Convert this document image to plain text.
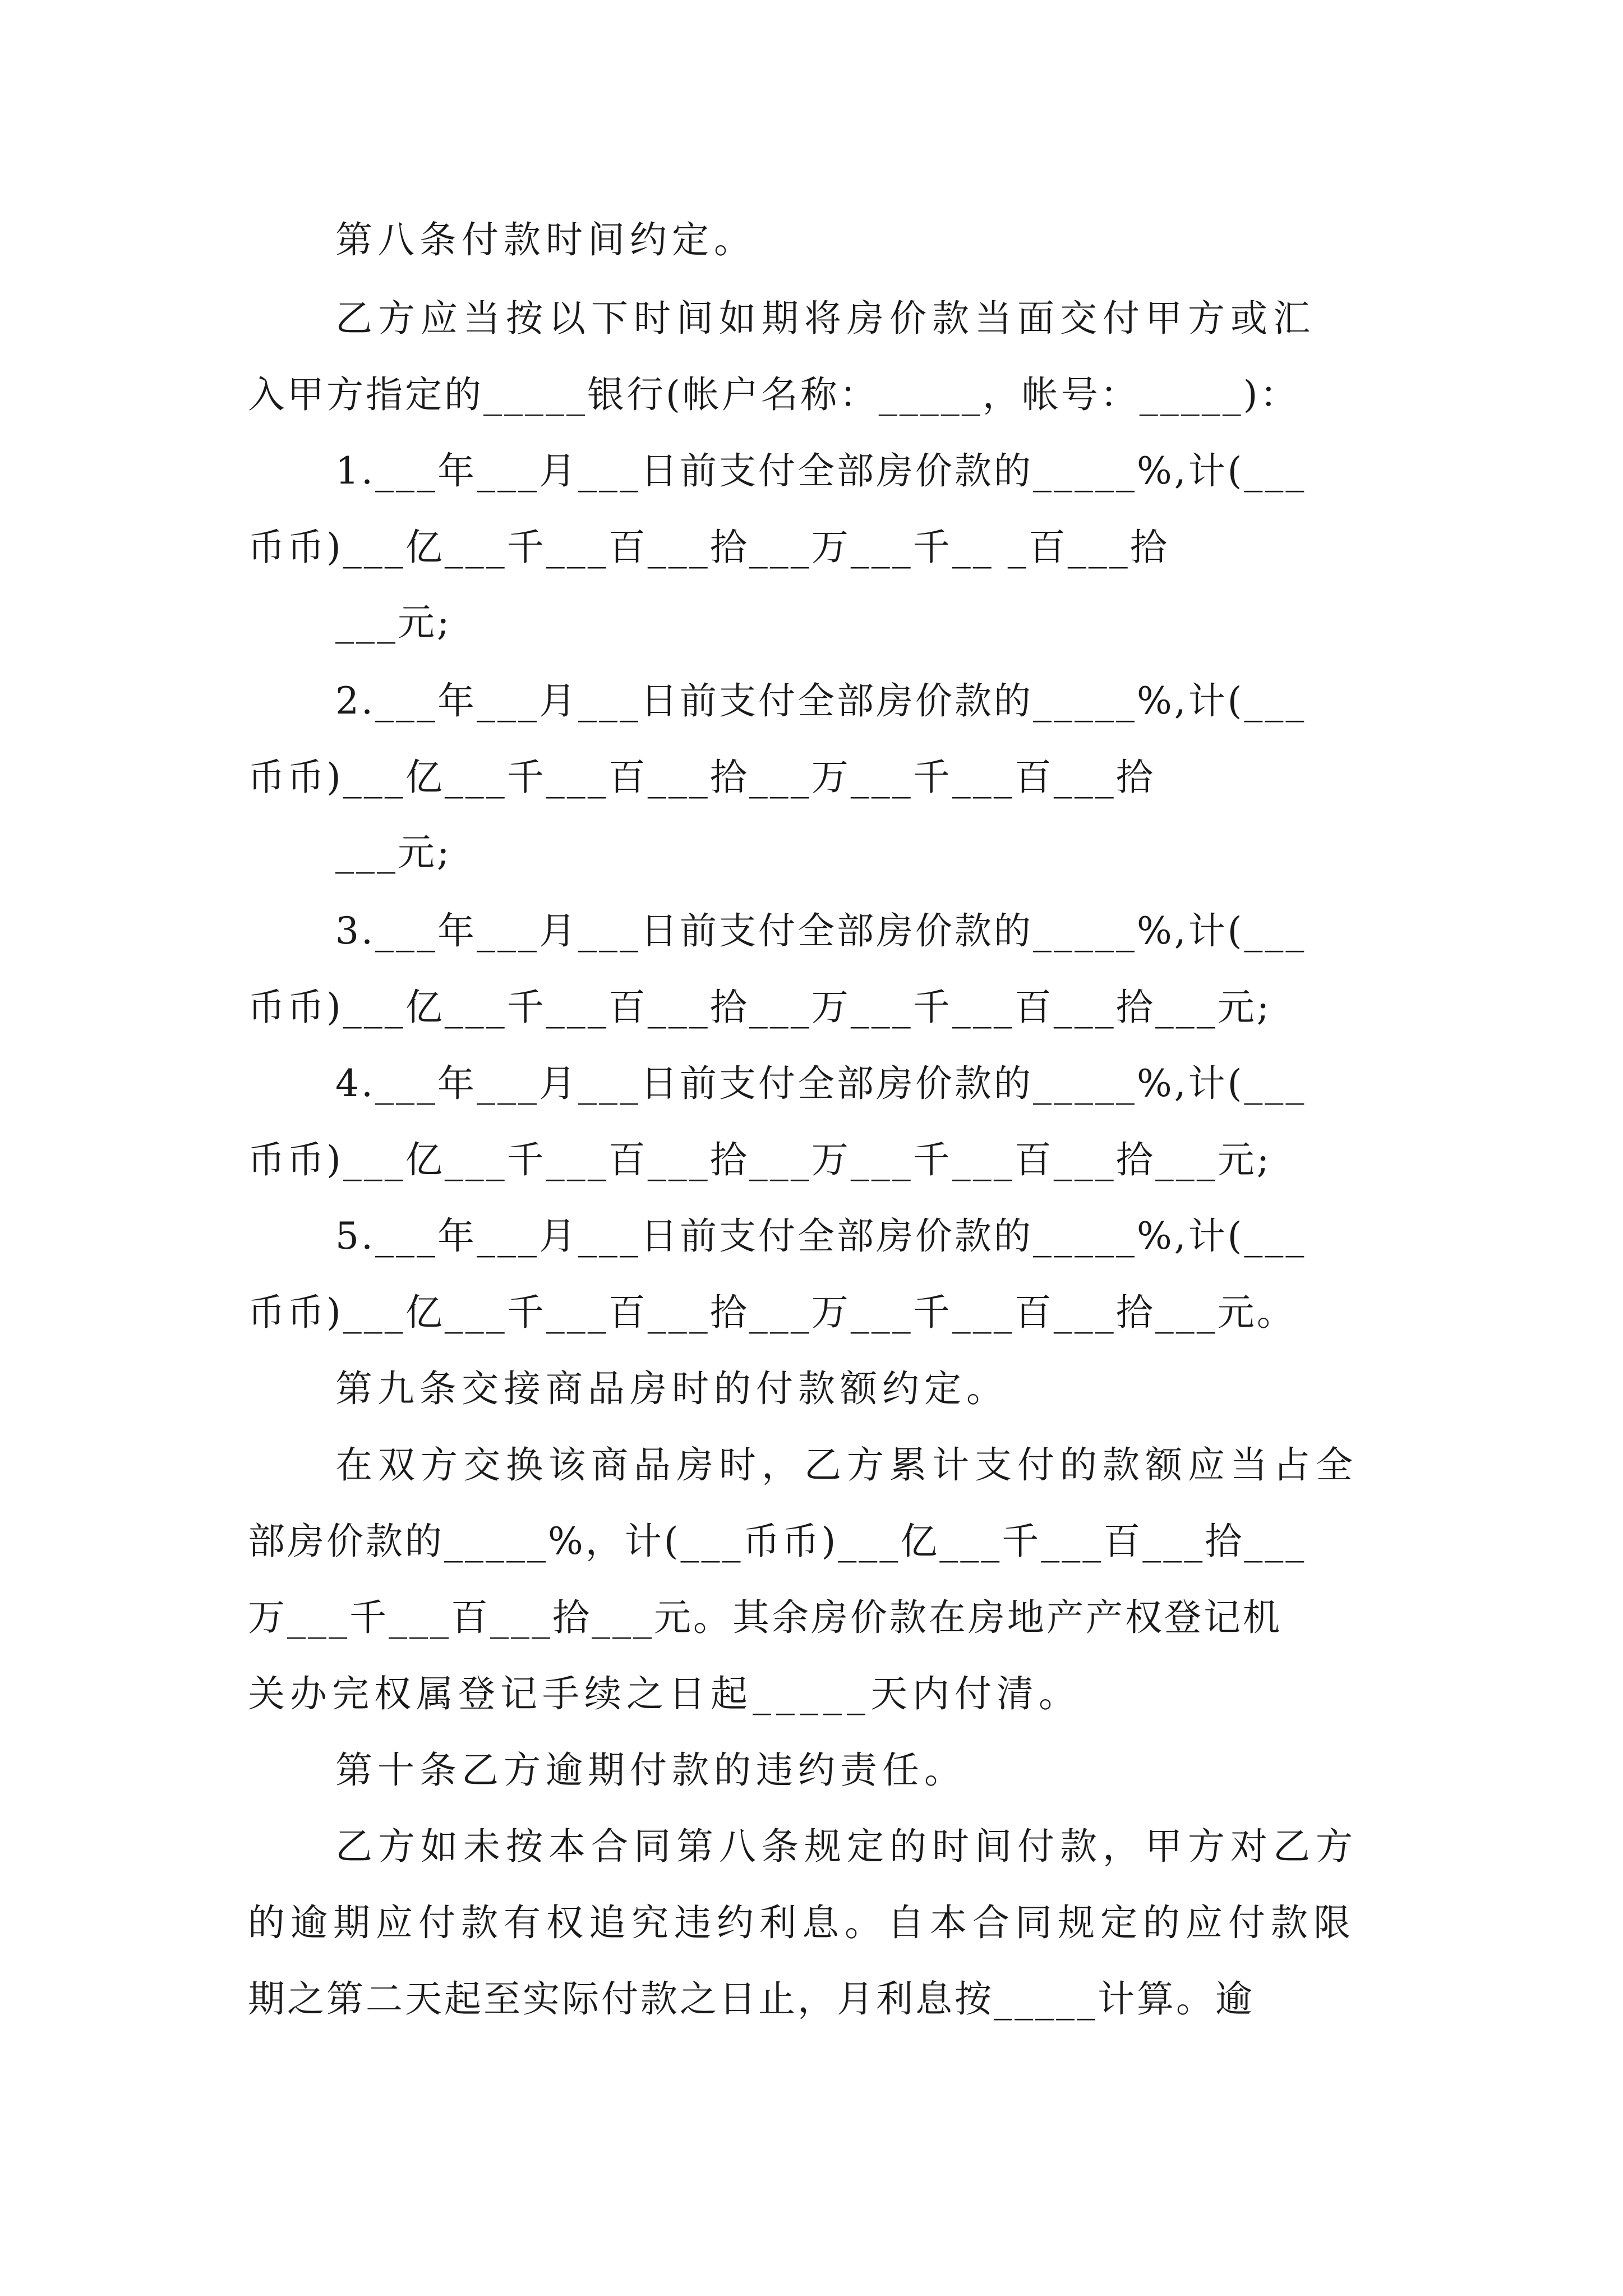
第八条付款时间约定。
乙方应当按以下时间如期将房价款当面交付甲方或汇
入甲方指定的_____银行(帐户名称：_____，帐号：_____)：
1.___年___月___日前支付全部房价款的_____%,计(___
币币)___亿___千___百___拾___万___千__ _百___拾
___元;
2.___年___月___日前支付全部房价款的_____%,计(___
币币)___亿___千___百___拾___万___千___百___拾
___元;
3.___年___月___日前支付全部房价款的_____%,计(___
币币)___亿___千___百___拾___万___千___百___拾___元;
4.___年___月___日前支付全部房价款的_____%,计(___
币币)___亿___千___百___拾___万___千___百___拾___元;
5.___年___月___日前支付全部房价款的_____%,计(___
币币)___亿___千___百___拾___万___千___百___拾___元。
第九条交接商品房时的付款额约定。
在双方交换该商品房时，乙方累计支付的款额应当占全
部房价款的_____%，计(___币币)___亿___千___百___拾___
万___千___百___拾___元。其余房价款在房地产产权登记机
关办完权属登记手续之日起_____天内付清。
第十条乙方逾期付款的违约责任。
乙方如未按本合同第八条规定的时间付款，甲方对乙方
的逾期应付款有权追究违约利息。自本合同规定的应付款限
期之第二天起至实际付款之日止，月利息按_____计算。逾
